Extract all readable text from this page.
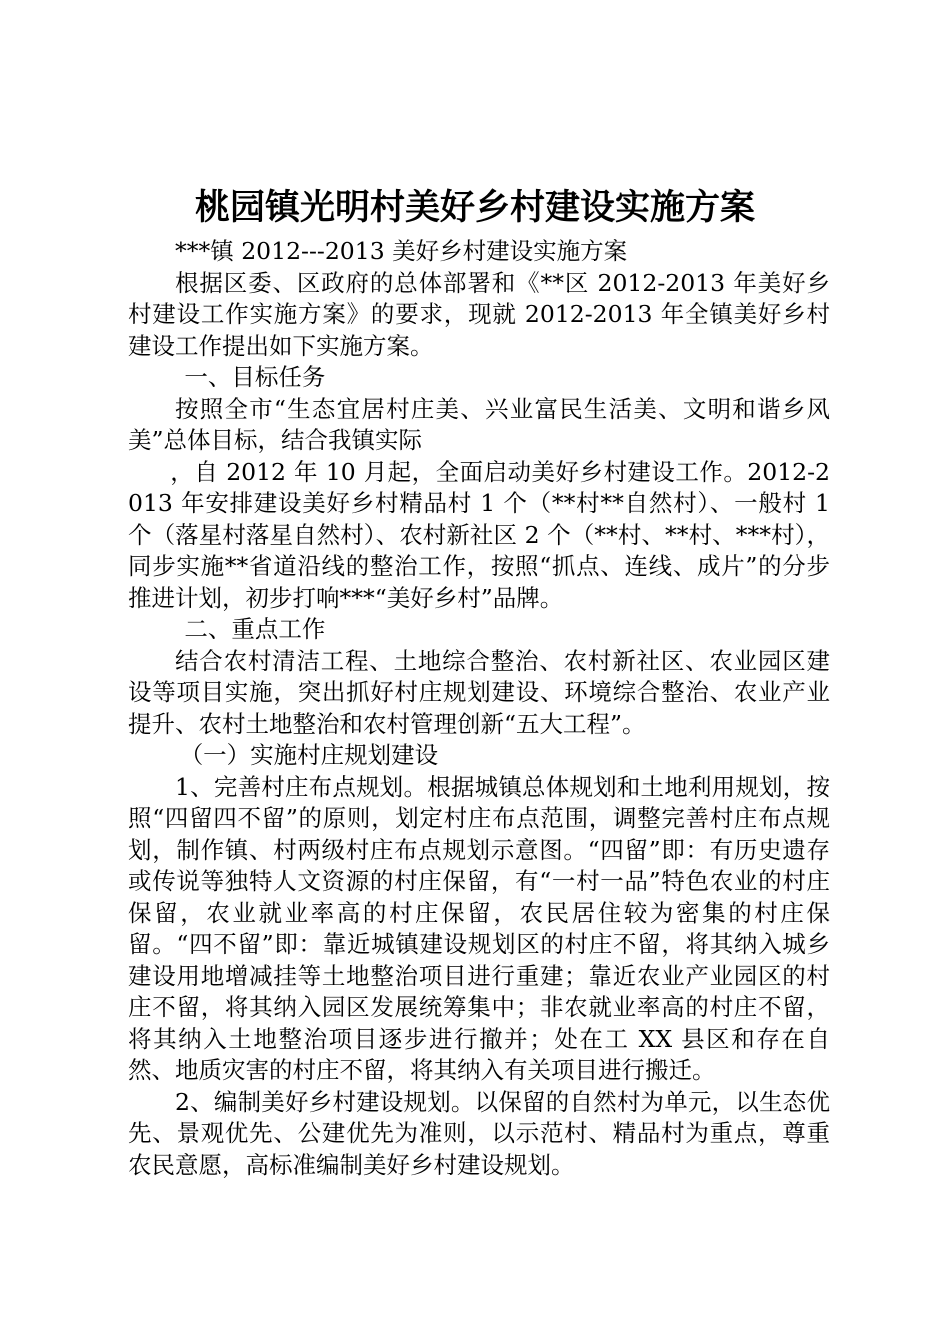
桃园镇光明村美好乡村建设实施方案

***镇 2012---2013 美好乡村建设实施方案

根据区委、区政府的总体部署和《**区 2012-2013 年美好乡村建设工作实施方案》的要求，现就 2012-2013 年全镇美好乡村建设工作提出如下实施方案。

一、目标任务

按照全市“生态宜居村庄美、兴业富民生活美、文明和谐乡风美”总体目标，结合我镇实际

，自 2012 年 10 月起，全面启动美好乡村建设工作。2012-2013 年安排建设美好乡村精品村 1 个（**村**自然村）、一般村 1 个（落星村落星自然村）、农村新社区 2 个（**村、**村、***村），同步实施**省道沿线的整治工作，按照“抓点、连线、成片”的分步推进计划，初步打响***“美好乡村”品牌。

二、重点工作

结合农村清洁工程、土地综合整治、农村新社区、农业园区建设等项目实施，突出抓好村庄规划建设、环境综合整治、农业产业提升、农村土地整治和农村管理创新“五大工程”。

（一）实施村庄规划建设

1、完善村庄布点规划。根据城镇总体规划和土地利用规划，按照“四留四不留”的原则，划定村庄布点范围，调整完善村庄布点规划，制作镇、村两级村庄布点规划示意图。“四留”即：有历史遗存或传说等独特人文资源的村庄保留，有“一村一品”特色农业的村庄保留，农业就业率高的村庄保留，农民居住较为密集的村庄保留。“四不留”即：靠近城镇建设规划区的村庄不留，将其纳入城乡建设用地增减挂等土地整治项目进行重建；靠近农业产业园区的村庄不留，将其纳入园区发展统筹集中；非农就业率高的村庄不留，将其纳入土地整治项目逐步进行撤并；处在工 XX 县区和存在自然、地质灾害的村庄不留，将其纳入有关项目进行搬迁。

2、编制美好乡村建设规划。以保留的自然村为单元，以生态优先、景观优先、公建优先为准则，以示范村、精品村为重点，尊重农民意愿，高标准编制美好乡村建设规划。
